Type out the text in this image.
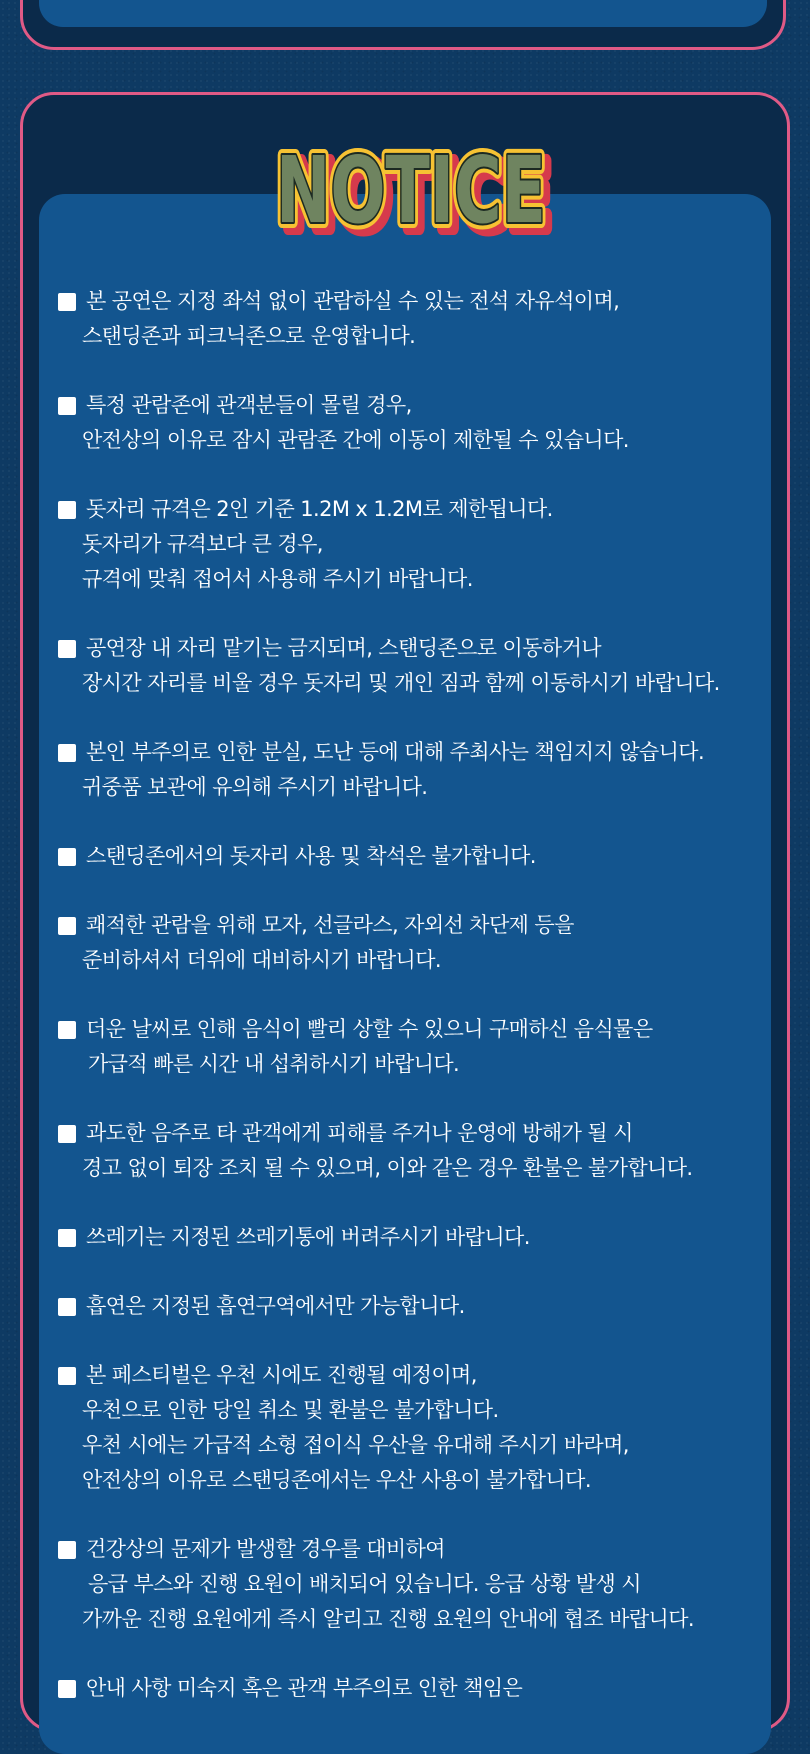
NOTICE
NOTICE
NOTICE
NOTICE
본 공연은 지정 좌석 없이 관람하실 수 있는 전석 자유석이며,
스탠딩존과 피크닉존으로 운영합니다.
특정 관람존에 관객분들이 몰릴 경우,
안전상의 이유로 잠시 관람존 간에 이동이 제한될 수 있습니다.
돗자리 규격은 2인 기준 1.2M x 1.2M로 제한됩니다.
돗자리가 규격보다 큰 경우,
규격에 맞춰 접어서 사용해 주시기 바랍니다.
공연장 내 자리 맡기는 금지되며, 스탠딩존으로 이동하거나
장시간 자리를 비울 경우 돗자리 및 개인 짐과 함께 이동하시기 바랍니다.
본인 부주의로 인한 분실, 도난 등에 대해 주최사는 책임지지 않습니다.
귀중품 보관에 유의해 주시기 바랍니다.
스탠딩존에서의 돗자리 사용 및 착석은 불가합니다.
쾌적한 관람을 위해 모자, 선글라스, 자외선 차단제 등을
준비하셔서 더위에 대비하시기 바랍니다.
더운 날씨로 인해 음식이 빨리 상할 수 있으니 구매하신 음식물은
가급적 빠른 시간 내 섭취하시기 바랍니다.
과도한 음주로 타 관객에게 피해를 주거나 운영에 방해가 될 시
경고 없이 퇴장 조치 될 수 있으며, 이와 같은 경우 환불은 불가합니다.
쓰레기는 지정된 쓰레기통에 버려주시기 바랍니다.
흡연은 지정된 흡연구역에서만 가능합니다.
본 페스티벌은 우천 시에도 진행될 예정이며,
우천으로 인한 당일 취소 및 환불은 불가합니다.
우천 시에는 가급적 소형 접이식 우산을 유대해 주시기 바라며,
안전상의 이유로 스탠딩존에서는 우산 사용이 불가합니다.
건강상의 문제가 발생할 경우를 대비하여
응급 부스와 진행 요원이 배치되어 있습니다. 응급 상황 발생 시
가까운 진행 요원에게 즉시 알리고 진행 요원의 안내에 협조 바랍니다.
안내 사항 미숙지 혹은 관객 부주의로 인한 책임은
